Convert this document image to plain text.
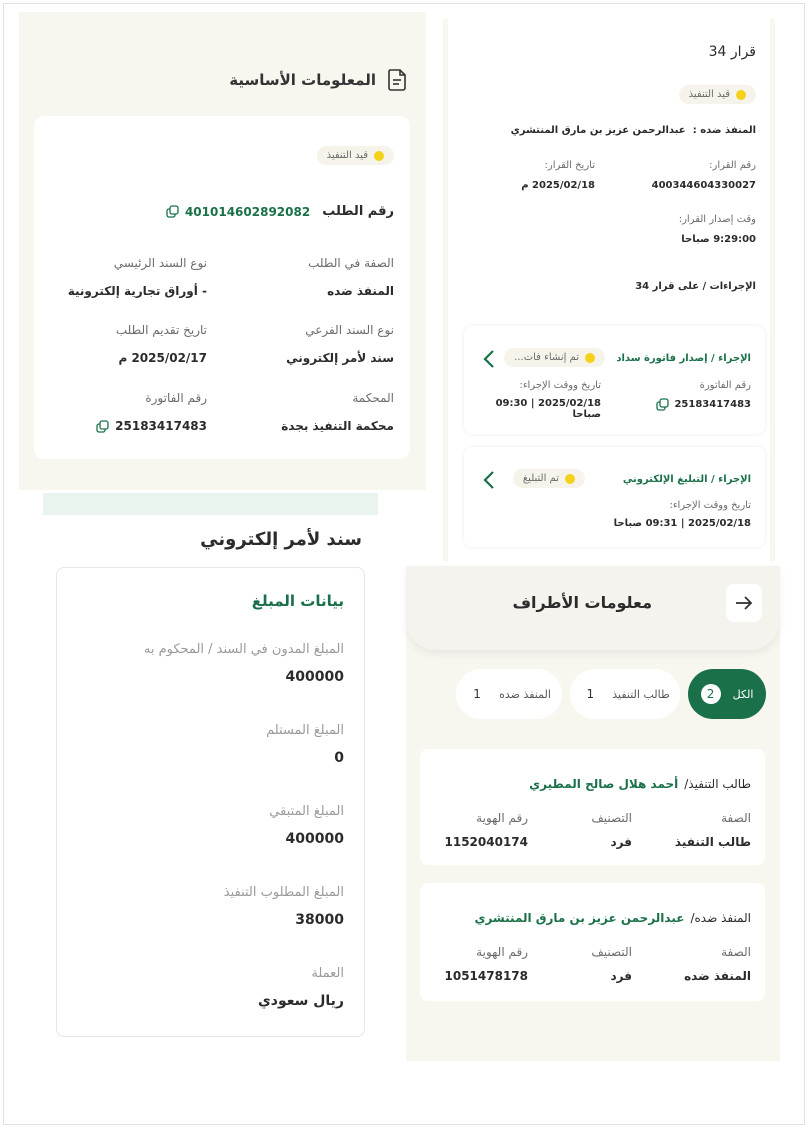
المعلومات الأساسية
قيد التنفيذ
رقم الطلب
401014602892082
الصفة في الطلب
المنفذ ضده
نوع السند الرئيسي
- أوراق تجارية إلكترونية
نوع السند الفرعي
سند لأمر إلكتروني
تاريخ تقديم الطلب
2025/02/17 م
المحكمة
محكمة التنفيذ بجدة
رقم الفاتورة
25183417483
قرار 34
قيد التنفيذ
المنفذ ضده : عبدالرحمن عزيز بن مارق المنتشري
رقم القرار:
400344604330027
تاريخ القرار:
2025/02/18 م
وقت إصدار القرار:
9:29:00 صباحا
الإجراءات / على قرار 34
الإجراء / إصدار فاتورة سداد
تم إنشاء فات...
رقم الفاتورة
25183417483
تاريخ ووقت الإجراء:
2025/02/18 | 09:30 صباحا
الإجراء / التبليغ الإلكتروني
تم التبليغ
تاريخ ووقت الإجراء:
2025/02/18 | 09:31 صباحا
سند لأمر إلكتروني
بيانات المبلغ
المبلغ المدون في السند / المحكوم به
400000
المبلغ المستلم
0
المبلغ المتبقي
400000
المبلغ المطلوب التنفيذ
38000
العملة
ريال سعودي
معلومات الأطراف
الكل
2
طالب التنفيذ
1
المنفذ ضده
1
طالب التنفيذ/
أحمد هلال صالح المطيري
الصفة
طالب التنفيذ
التصنيف
فرد
رقم الهوية
1152040174
المنفذ ضده/
عبدالرحمن عزيز بن مارق المنتشري
الصفة
المنفذ ضده
التصنيف
فرد
رقم الهوية
1051478178
